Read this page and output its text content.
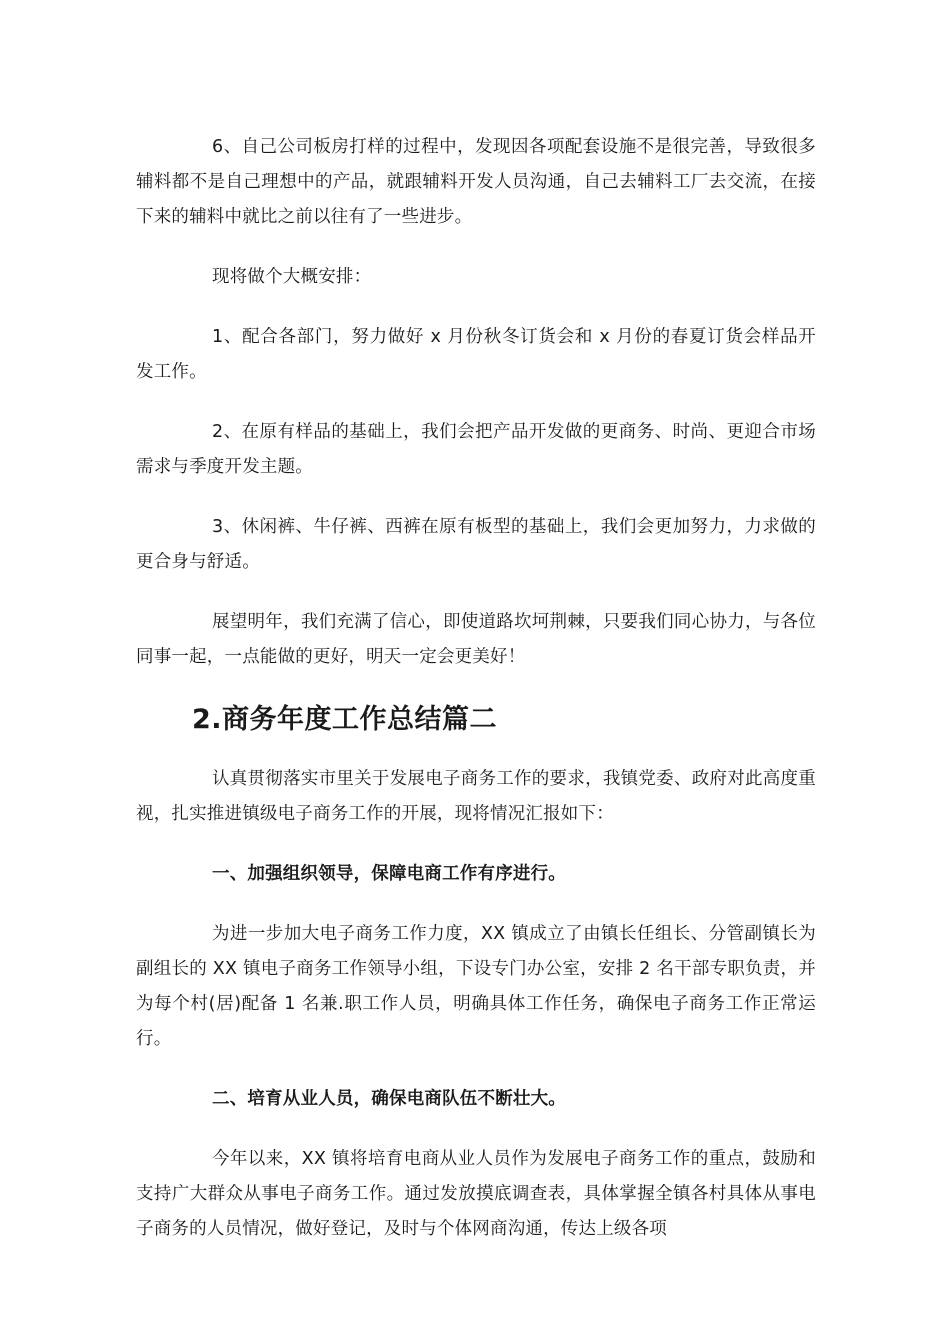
6、自己公司板房打样的过程中，发现因各项配套设施不是很完善，导致很多辅料都不是自己理想中的产品，就跟辅料开发人员沟通，自己去辅料工厂去交流，在接下来的辅料中就比之前以往有了一些进步。

现将做个大概安排：

1、配合各部门，努力做好 x 月份秋冬订货会和 x 月份的春夏订货会样品开发工作。

2、在原有样品的基础上，我们会把产品开发做的更商务、时尚、更迎合市场需求与季度开发主题。

3、休闲裤、牛仔裤、西裤在原有板型的基础上，我们会更加努力，力求做的更合身与舒适。

展望明年，我们充满了信心，即使道路坎坷荆棘，只要我们同心协力，与各位同事一起，一点能做的更好，明天一定会更美好！

2.商务年度工作总结篇二

认真贯彻落实市里关于发展电子商务工作的要求，我镇党委、政府对此高度重视，扎实推进镇级电子商务工作的开展，现将情况汇报如下：

一、加强组织领导，保障电商工作有序进行。

为进一步加大电子商务工作力度，XX 镇成立了由镇长任组长、分管副镇长为副组长的 XX 镇电子商务工作领导小组，下设专门办公室，安排 2 名干部专职负责，并为每个村(居)配备 1 名兼.职工作人员，明确具体工作任务，确保电子商务工作正常运行。

二、培育从业人员，确保电商队伍不断壮大。

今年以来，XX 镇将培育电商从业人员作为发展电子商务工作的重点，鼓励和支持广大群众从事电子商务工作。通过发放摸底调查表，具体掌握全镇各村具体从事电子商务的人员情况，做好登记，及时与个体网商沟通，传达上级各项
